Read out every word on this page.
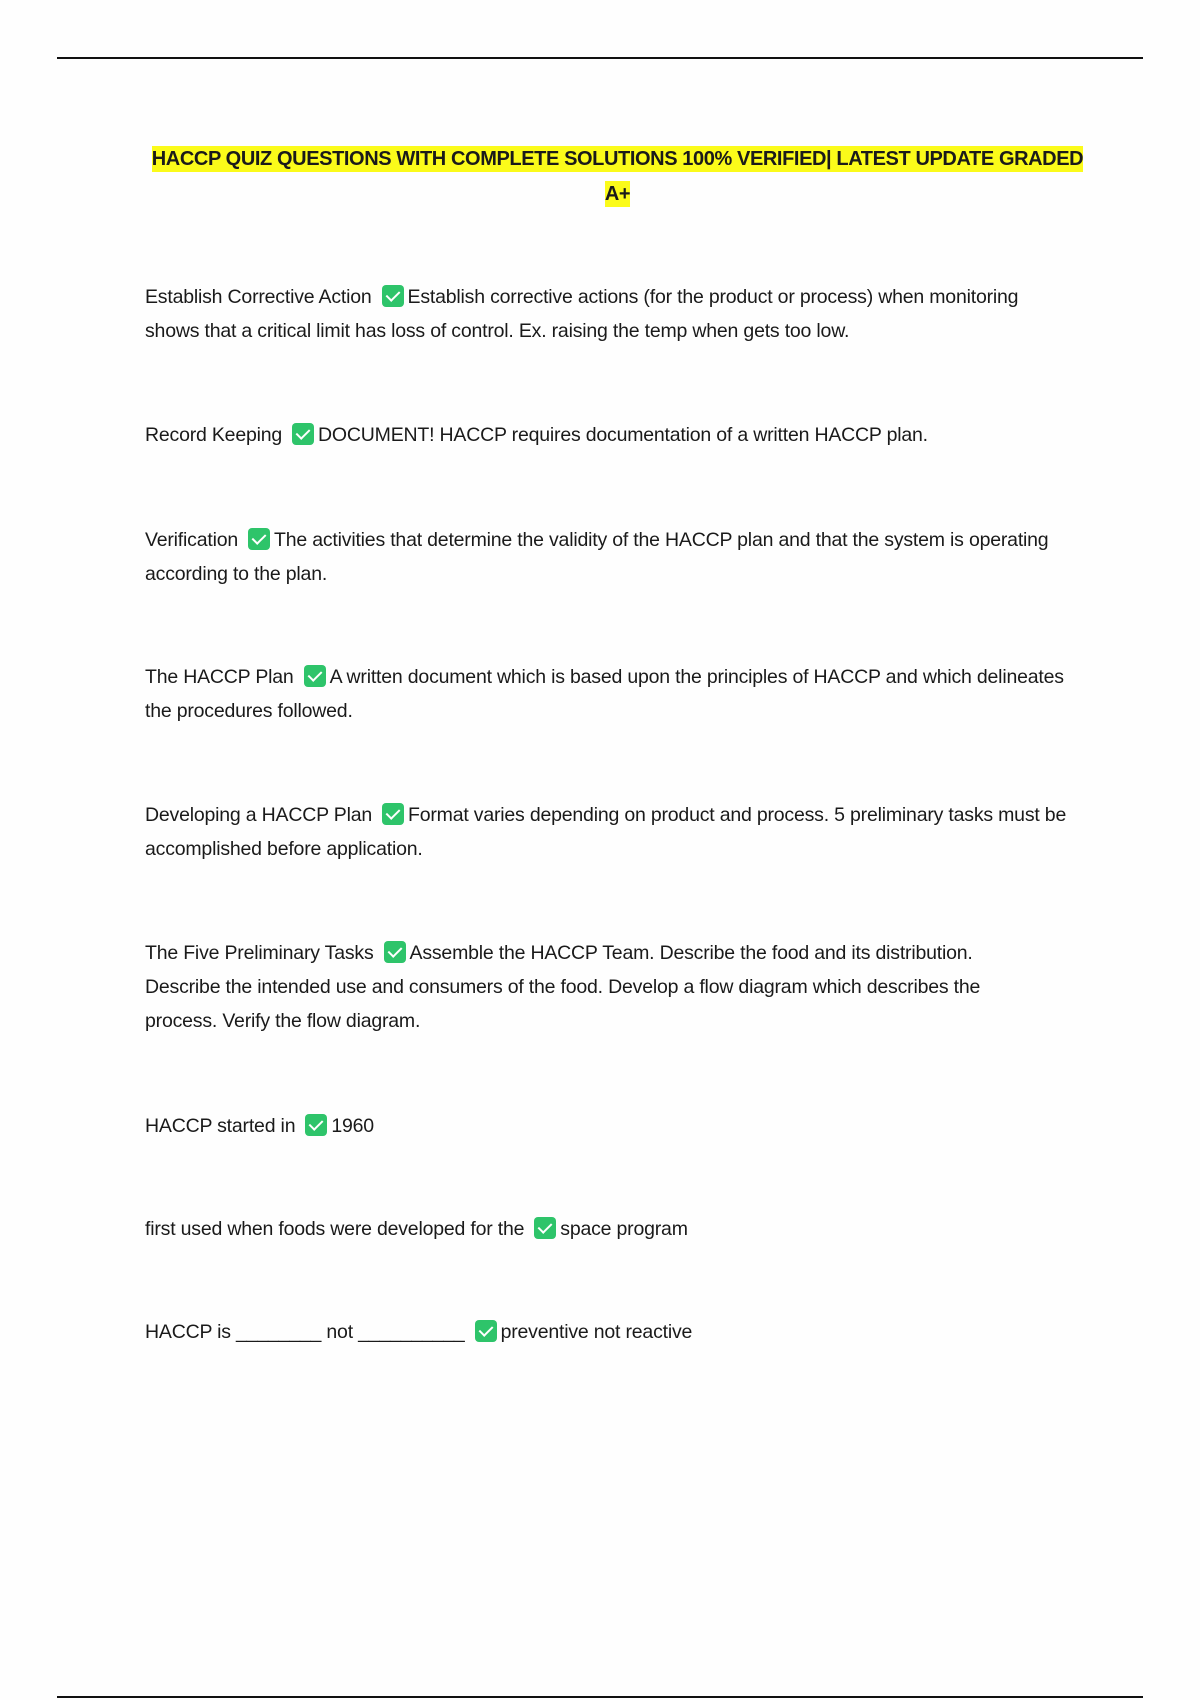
HACCP QUIZ QUESTIONS WITH COMPLETE SOLUTIONS 100% VERIFIED| LATEST UPDATE GRADED A+
Establish Corrective Action Establish corrective actions (for the product or process) when monitoring shows that a critical limit has loss of control. Ex. raising the temp when gets too low.
Record Keeping DOCUMENT! HACCP requires documentation of a written HACCP plan.
Verification The activities that determine the validity of the HACCP plan and that the system is operating according to the plan.
The HACCP Plan A written document which is based upon the principles of HACCP and which delineates the procedures followed.
Developing a HACCP Plan Format varies depending on product and process. 5 preliminary tasks must be accomplished before application.
The Five Preliminary Tasks Assemble the HACCP Team. Describe the food and its distribution. Describe the intended use and consumers of the food. Develop a flow diagram which describes the process. Verify the flow diagram.
HACCP started in 1960
first used when foods were developed for the space program
HACCP is ________ not __________ preventive not reactive
